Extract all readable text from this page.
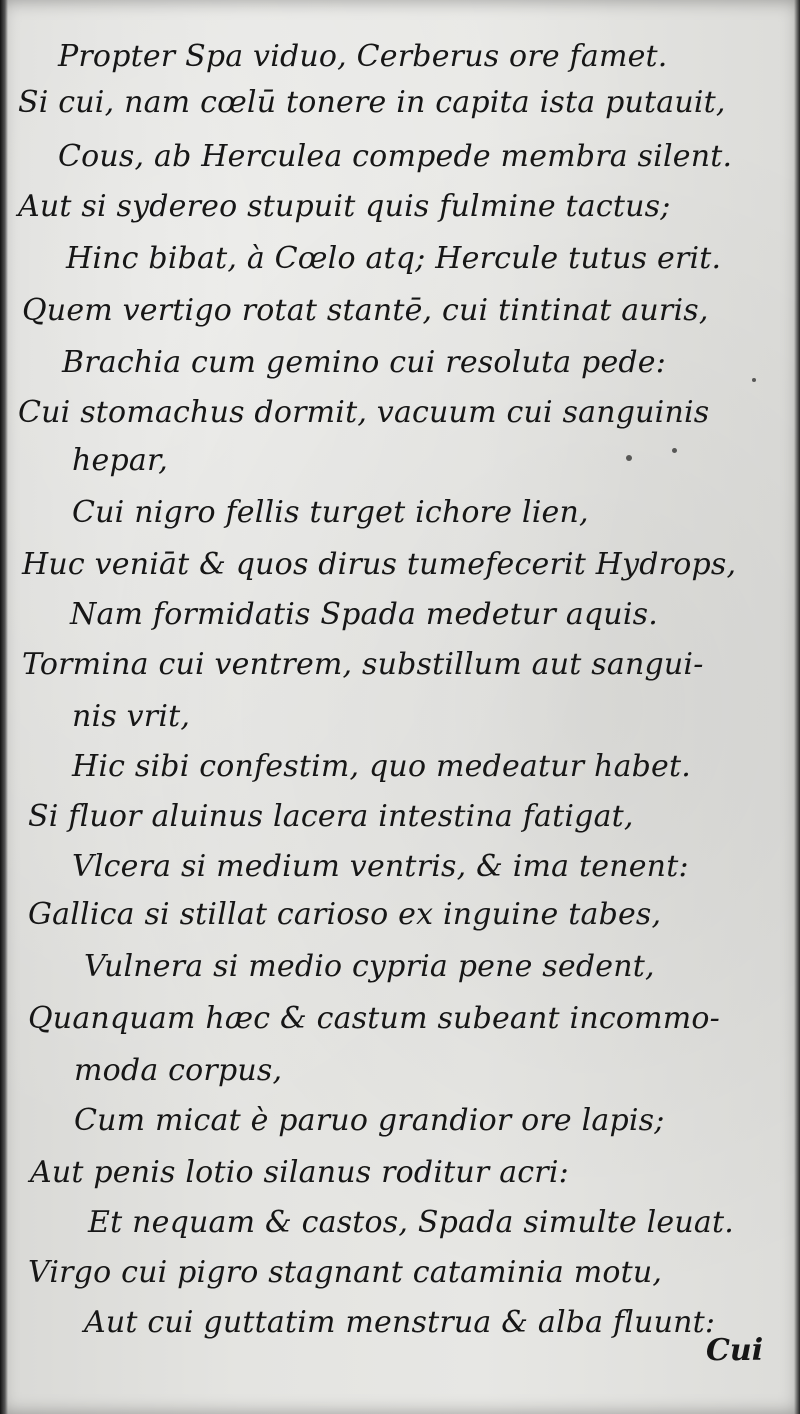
Propter Spa viduo, Cerberus ore famet.
Si cui, nam cœlū tonere in capita ista putauit,
Cous, ab Herculea compede membra silent.
Aut si sydereo stupuit quis fulmine tactus;
Hinc bibat, à Cœlo atq; Hercule tutus erit.
Quem vertigo rotat stantē, cui tintinat auris,
Brachia cum gemino cui resoluta pede:
Cui stomachus dormit, vacuum cui sanguinis
hepar,
Cui nigro fellis turget ichore lien,
Huc veniāt & quos dirus tumefecerit Hydrops,
Nam formidatis Spada medetur aquis.
Tormina cui ventrem, substillum aut sangui-
nis vrit,
Hic sibi confestim, quo medeatur habet.
Si fluor aluinus lacera intestina fatigat,
Vlcera si medium ventris, & ima tenent:
Gallica si stillat carioso ex inguine tabes,
Vulnera si medio cypria pene sedent,
Quanquam hæc & castum subeant incommo-
moda corpus,
Cum micat è paruo grandior ore lapis;
Aut penis lotio silanus roditur acri:
Et nequam & castos, Spada simulte leuat.
Virgo cui pigro stagnant cataminia motu,
Aut cui guttatim menstrua & alba fluunt:
Cui
